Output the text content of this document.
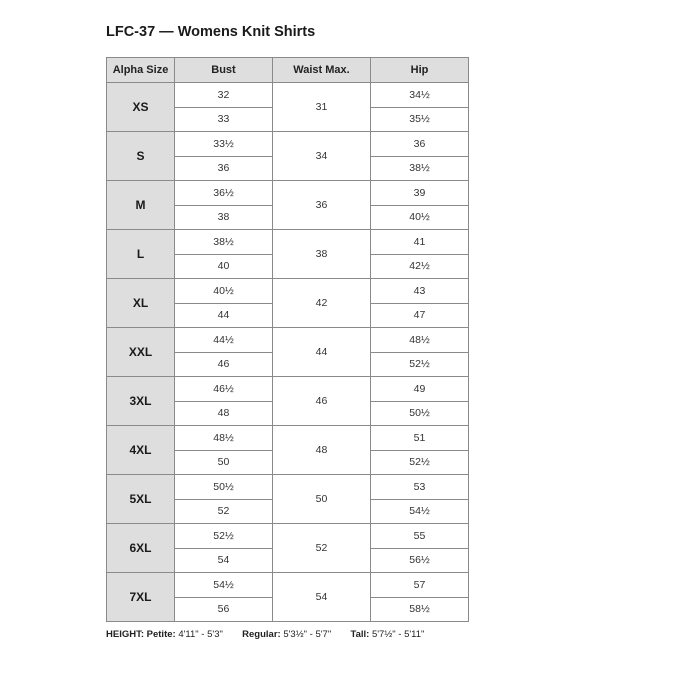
LFC-37 — Womens Knit Shirts
Alpha Size	Bust	Waist Max.	Hip
XS	32	31	34½
	33		35½
S	33½	34	36
	36		38½
M	36½	36	39
	38		40½
L	38½	38	41
	40		42½
XL	40½	42	43
	44		47
XXL	44½	44	48½
	46		52½
3XL	46½	46	49
	48		50½
4XL	48½	48	51
	50		52½
5XL	50½	50	53
	52		54½
6XL	52½	52	55
	54		56½
7XL	54½	54	57
	56		58½
HEIGHT: Petite: 4'11" - 5'3" Regular: 5'3½" - 5'7" Tall: 5'7½" - 5'11"
